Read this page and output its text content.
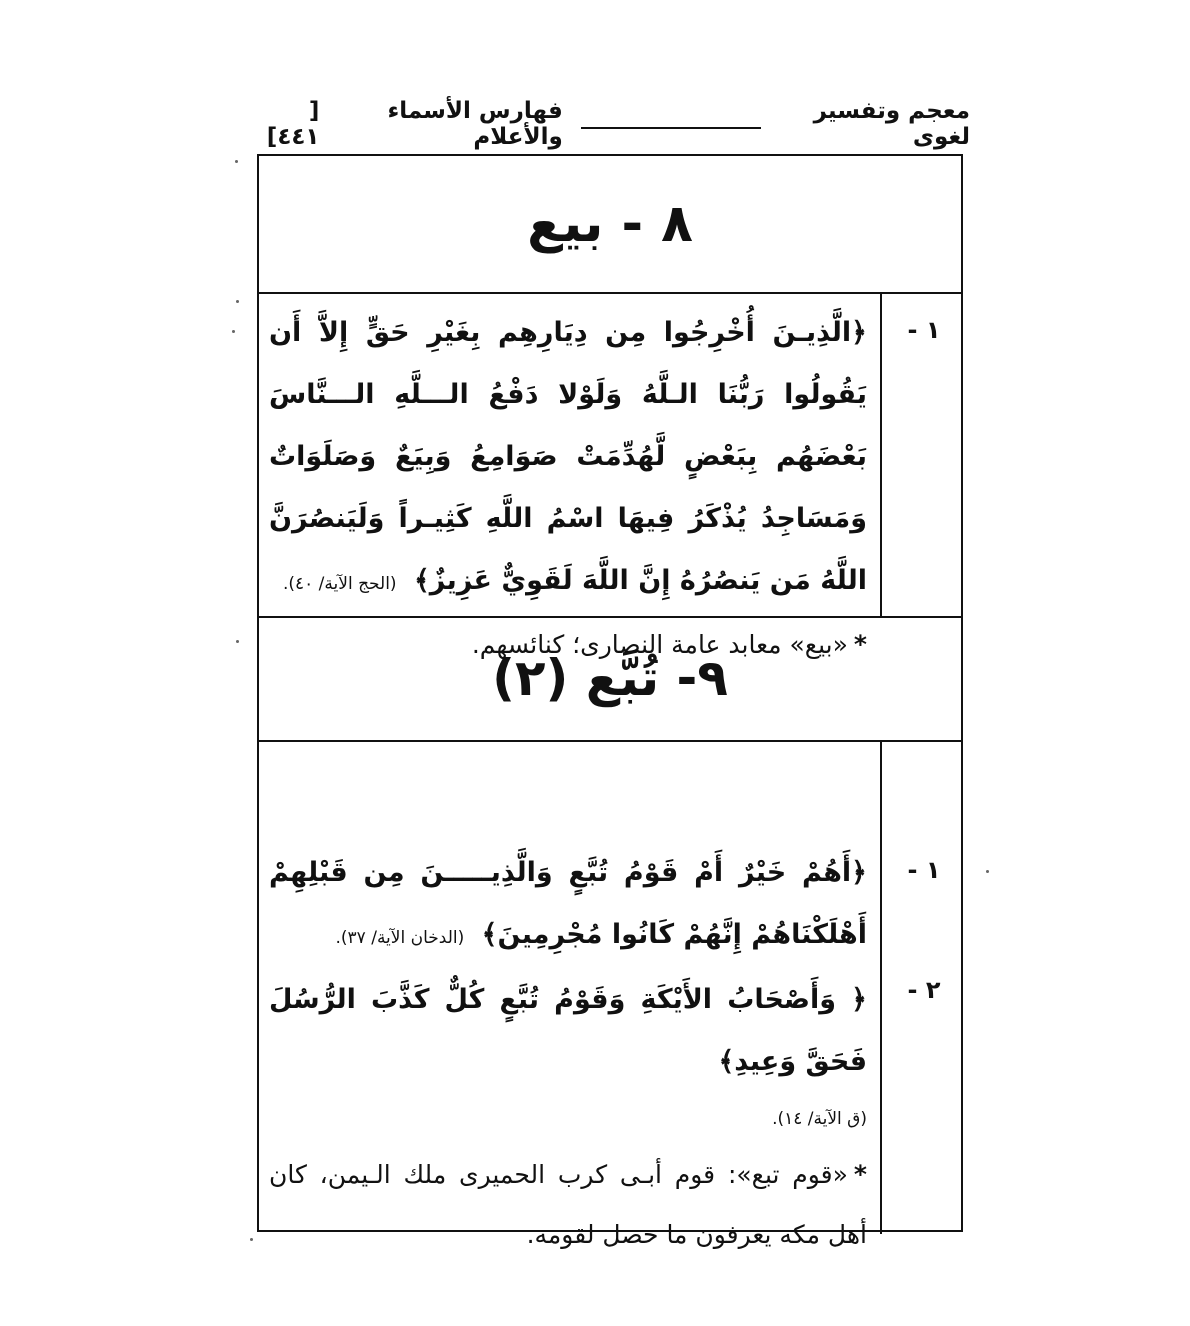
معجم وتفسير لغوى
فهارس الأسماء والأعلام
[ ٤٤١]
٨ - بيع
١ -
﴿الَّذِيـنَ أُخْرِجُوا مِن دِيَارِهِم بِغَيْرِ حَقٍّ إِلاَّ أَن يَقُولُوا رَبُّنَا الـلَّهُ وَلَوْلا دَفْعُ الـــلَّهِ الـــنَّاسَ بَعْضَهُم بِبَعْضٍ لَّهُدِّمَتْ صَوَامِعُ وَبِيَعٌ وَصَلَوَاتٌ وَمَسَاجِدُ يُذْكَرُ فِيهَا اسْمُ اللَّهِ كَثِيـراً وَلَيَنصُرَنَّ اللَّهُ مَن يَنصُرُهُ إِنَّ اللَّهَ لَقَوِيٌّ عَزِيزٌ﴾ (الحج الآية/ ٤٠).
*«بيع» معابد عامة النصارى؛ كنائسهم.
٩- تُبَّع (٢)
١ -
٢ -
﴿أَهُمْ خَيْرٌ أَمْ قَوْمُ تُبَّعٍ وَالَّذِيـــــنَ مِن قَبْلِهِمْ أَهْلَكْنَاهُمْ إِنَّهُمْ كَانُوا مُجْرِمِينَ﴾ (الدخان الآية/ ٣٧).
﴿ وَأَصْحَابُ الأَيْكَةِ وَقَوْمُ تُبَّعٍ كُلٌّ كَذَّبَ الرُّسُلَ فَحَقَّ وَعِيدِ﴾
(ق الآية/ ١٤).
*«قوم تبع»: قوم أبـى كرب الحميرى ملك الـيمن، كان أهل مكة يعرفون ما حصل لقومه.
